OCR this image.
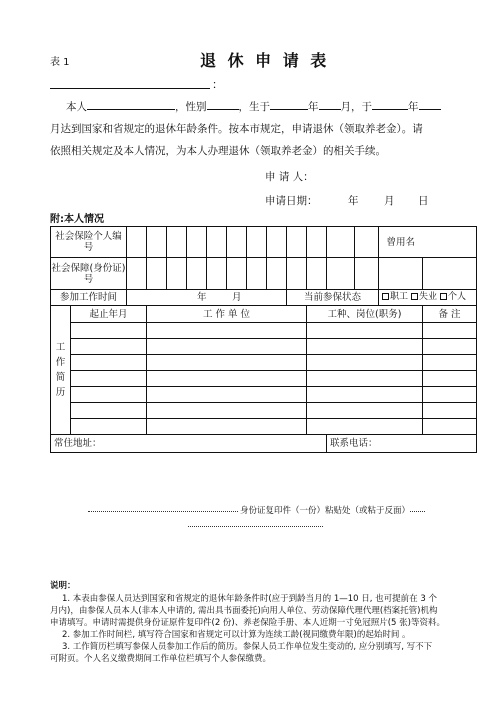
表 1	退 休 申 请 表
：
本人	，性别	，生于	年 月，于	年
月达到国家和省规定的退休年龄条件。按本市规定，申请退休（领取养老金）。请
依照相关规定及本人情况，为本人办理退休（领取养老金）的相关手续。
申 请 人：
申请日期：	年 月 日
附:本人情况
社会保险个人编号														曾用名	
社会保障(身份证)号															
参加工作时间		年 月								当前参保状态				职工 失业 个人	
工
作
简
历	起止年月		工 作 单 位								工种、岗位(职务)				备 注

常住地址：												联系电话：			
身份证复印件（一份）粘贴处（或粘于反面）
说明：
1. 本表由参保人员达到国家和省规定的退休年龄条件时(应于到龄当月的 1—10 日, 也可提前在 3 个
月内)，由参保人员本人(非本人申请的, 需出具书面委托)向用人单位、劳动保障代理代理(档案托管)机构
申请填写。申请时需提供身份证原件复印件(2 份)、养老保险手册、本人近期一寸免冠照片(5 张)等资料。
2. 参加工作时间栏, 填写符合国家和省规定可以计算为连续工龄(视同缴费年限)的起始时间 。
3. 工作简历栏填写参保人员参加工作后的简历。参保人员工作单位发生变动的, 应分别填写, 写不下
可附页。个人名义缴费期间工作单位栏填写个人参保缴费。
